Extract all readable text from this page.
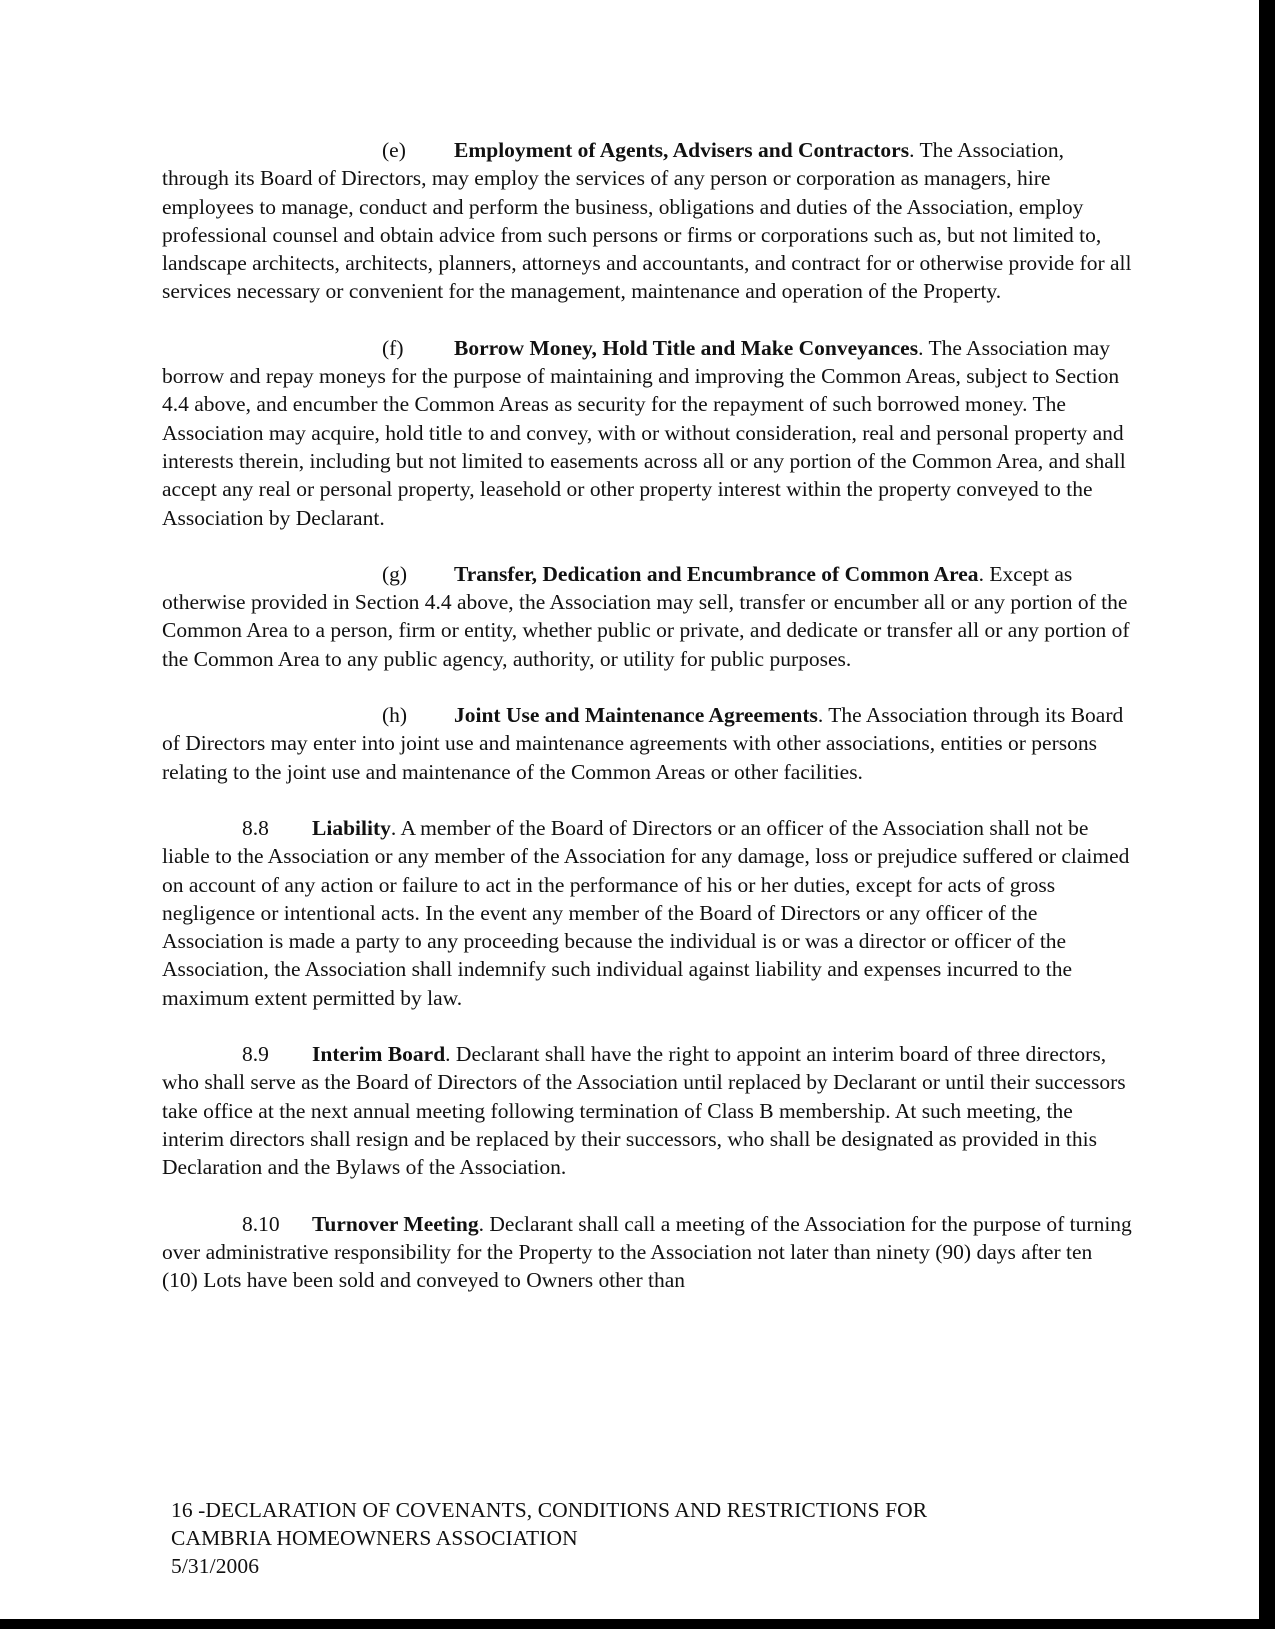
(e) Employment of Agents, Advisers and Contractors. The Association, through its Board of Directors, may employ the services of any person or corporation as managers, hire employees to manage, conduct and perform the business, obligations and duties of the Association, employ professional counsel and obtain advice from such persons or firms or corporations such as, but not limited to, landscape architects, architects, planners, attorneys and accountants, and contract for or otherwise provide for all services necessary or convenient for the management, maintenance and operation of the Property.

(f) Borrow Money, Hold Title and Make Conveyances. The Association may borrow and repay moneys for the purpose of maintaining and improving the Common Areas, subject to Section 4.4 above, and encumber the Common Areas as security for the repayment of such borrowed money. The Association may acquire, hold title to and convey, with or without consideration, real and personal property and interests therein, including but not limited to easements across all or any portion of the Common Area, and shall accept any real or personal property, leasehold or other property interest within the property conveyed to the Association by Declarant.

(g) Transfer, Dedication and Encumbrance of Common Area. Except as otherwise provided in Section 4.4 above, the Association may sell, transfer or encumber all or any portion of the Common Area to a person, firm or entity, whether public or private, and dedicate or transfer all or any portion of the Common Area to any public agency, authority, or utility for public purposes.

(h) Joint Use and Maintenance Agreements. The Association through its Board of Directors may enter into joint use and maintenance agreements with other associations, entities or persons relating to the joint use and maintenance of the Common Areas or other facilities.

8.8 Liability. A member of the Board of Directors or an officer of the Association shall not be liable to the Association or any member of the Association for any damage, loss or prejudice suffered or claimed on account of any action or failure to act in the performance of his or her duties, except for acts of gross negligence or intentional acts. In the event any member of the Board of Directors or any officer of the Association is made a party to any proceeding because the individual is or was a director or officer of the Association, the Association shall indemnify such individual against liability and expenses incurred to the maximum extent permitted by law.

8.9 Interim Board. Declarant shall have the right to appoint an interim board of three directors, who shall serve as the Board of Directors of the Association until replaced by Declarant or until their successors take office at the next annual meeting following termination of Class B membership. At such meeting, the interim directors shall resign and be replaced by their successors, who shall be designated as provided in this Declaration and the Bylaws of the Association.

8.10 Turnover Meeting. Declarant shall call a meeting of the Association for the purpose of turning over administrative responsibility for the Property to the Association not later than ninety (90) days after ten (10) Lots have been sold and conveyed to Owners other than

16 -DECLARATION OF COVENANTS, CONDITIONS AND RESTRICTIONS FOR
CAMBRIA HOMEOWNERS ASSOCIATION
5/31/2006
